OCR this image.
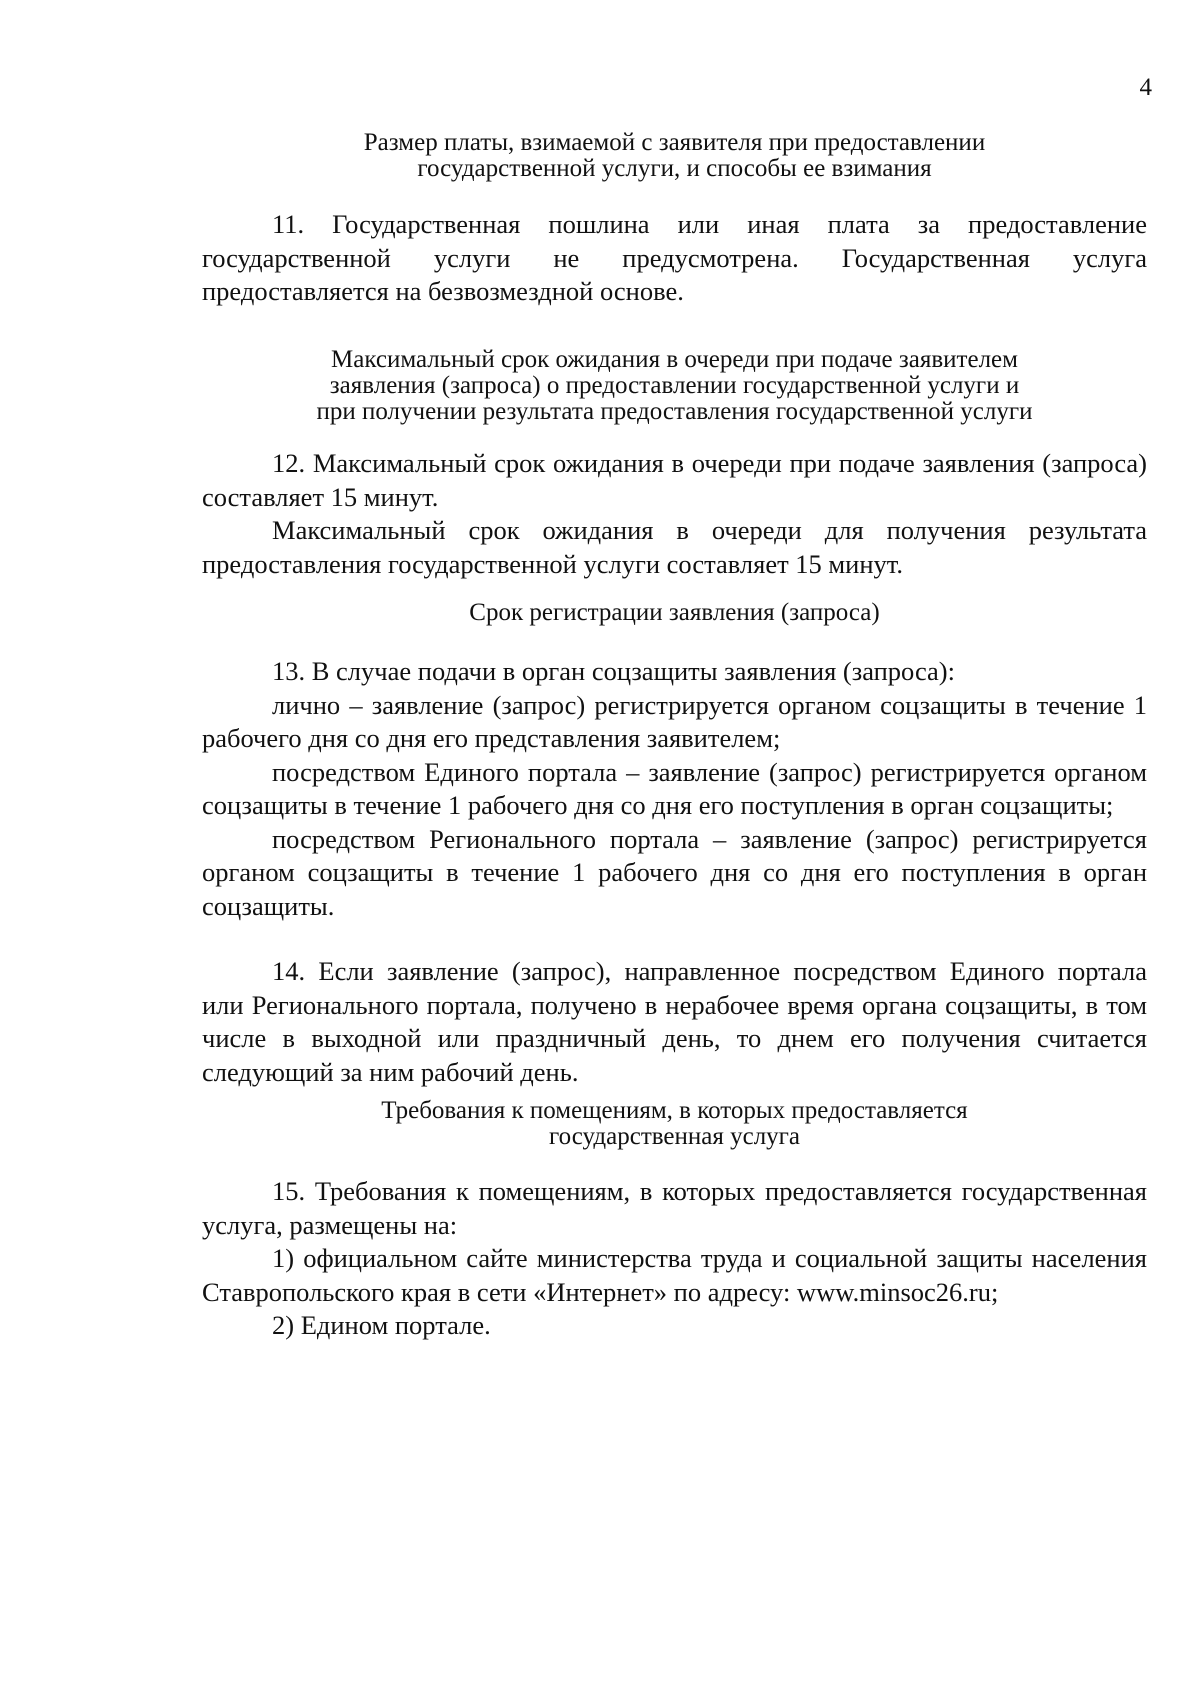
4
Размер платы, взимаемой с заявителя при предоставлении
государственной услуги, и способы ее взимания

11. Государственная пошлина или иная плата за предоставление государственной услуги не предусмотрена. Государственная услуга предоставляется на безвозмездной основе.

Максимальный срок ожидания в очереди при подаче заявителем
заявления (запроса) о предоставлении государственной услуги и
при получении результата предоставления государственной услуги

12. Максимальный срок ожидания в очереди при подаче заявления (запроса) составляет 15 минут.

Максимальный срок ожидания в очереди для получения результата предоставления государственной услуги составляет 15 минут.

Срок регистрации заявления (запроса)

13. В случае подачи в орган соцзащиты заявления (запроса):

лично – заявление (запрос) регистрируется органом соцзащиты в течение 1 рабочего дня со дня его представления заявителем;

посредством Единого портала – заявление (запрос) регистрируется органом соцзащиты в течение 1 рабочего дня со дня его поступления в орган соцзащиты;

посредством Регионального портала – заявление (запрос) регистрируется органом соцзащиты в течение 1 рабочего дня со дня его поступления в орган соцзащиты.

14. Если заявление (запрос), направленное посредством Единого портала или Регионального портала, получено в нерабочее время органа соцзащиты, в том числе в выходной или праздничный день, то днем его получения считается следующий за ним рабочий день.

Требования к помещениям, в которых предоставляется
государственная услуга

15. Требования к помещениям, в которых предоставляется государственная услуга, размещены на:

1) официальном сайте министерства труда и социальной защиты населения Ставропольского края в сети «Интернет» по адресу: www.minsoc26.ru;

2) Едином портале.
